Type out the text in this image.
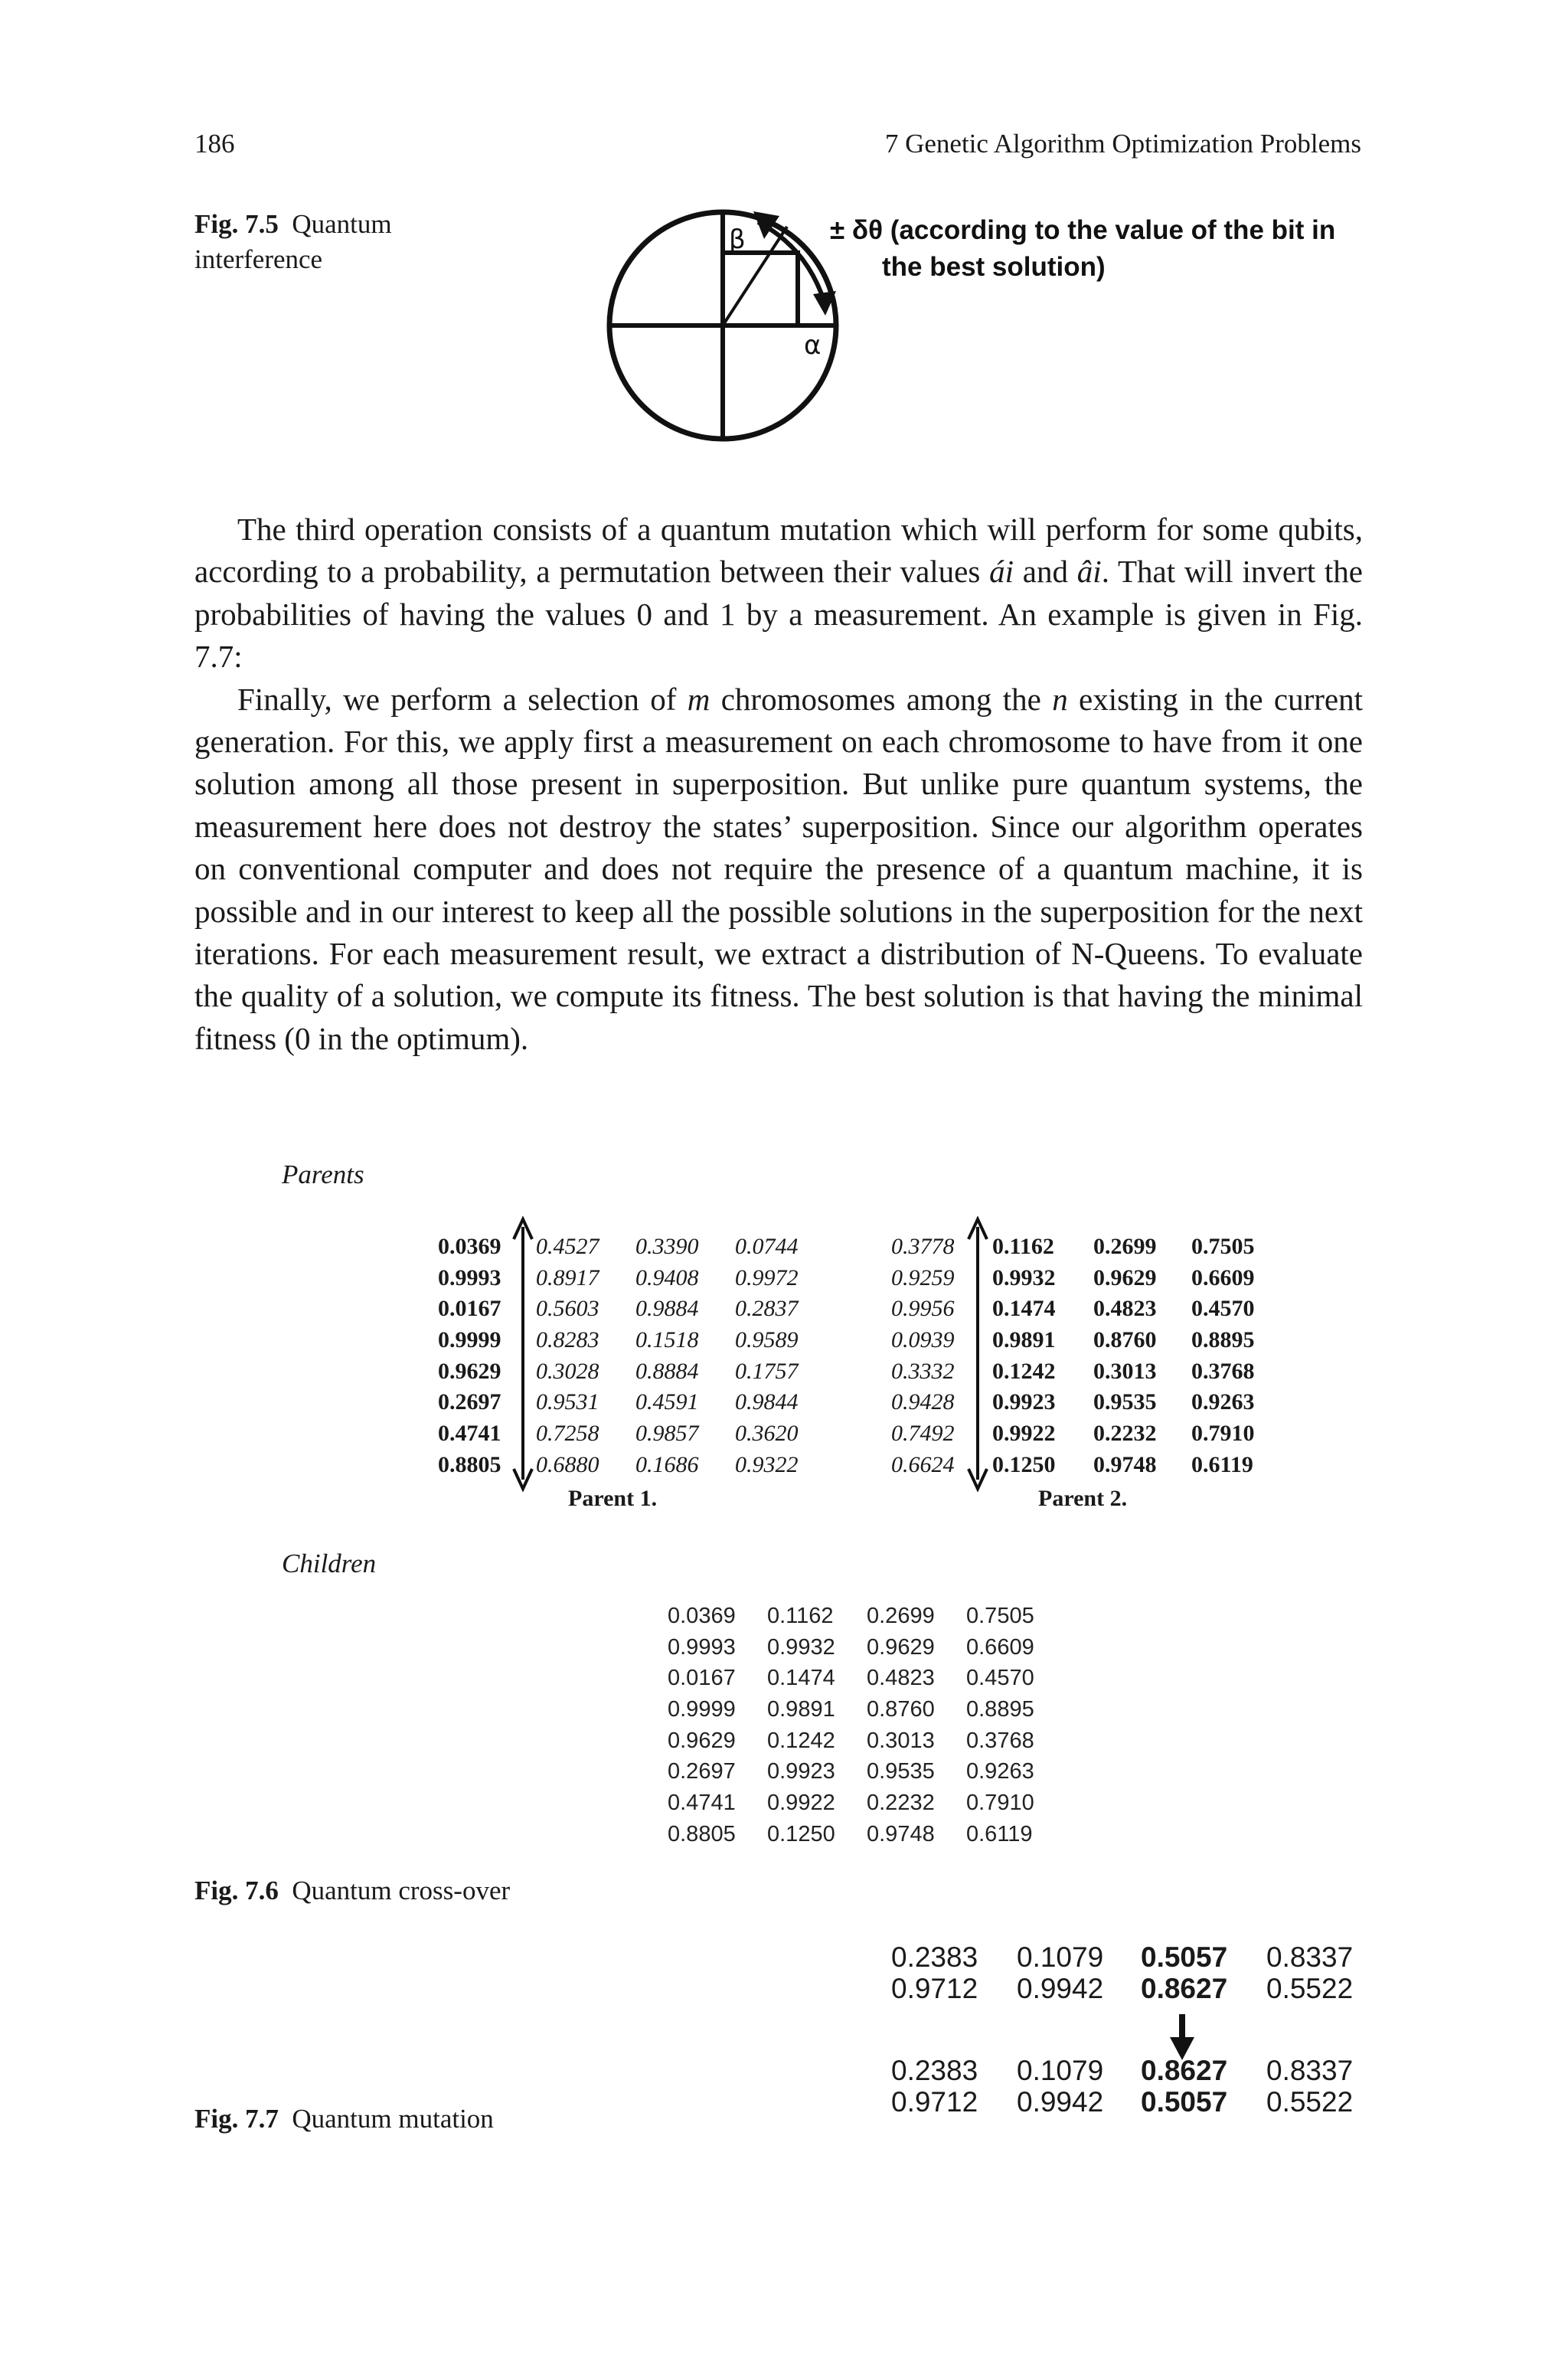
186	7 Genetic Algorithm Optimization Problems
Fig. 7.5 Quantum interference
β
α
± δθ (according to the value of the bit in
the best solution)

The third operation consists of a quantum mutation which will perform for some qubits, according to a probability, a permutation between their values ái and âi. That will invert the probabilities of having the values 0 and 1 by a measurement. An example is given in Fig. 7.7:

Finally, we perform a selection of m chromosomes among the n existing in the current generation. For this, we apply first a measurement on each chromosome to have from it one solution among all those present in superposition. But unlike pure quantum systems, the measurement here does not destroy the states’ superposition. Since our algorithm operates on conventional computer and does not require the presence of a quantum machine, it is possible and in our interest to keep all the possible solutions in the superposition for the next iterations. For each measurement result, we extract a distribution of N-Queens. To evaluate the quality of a solution, we compute its fitness. The best solution is that having the minimal fitness (0 in the optimum).

Parents
0.0369
0.9993
0.0167
0.9999
0.9629
0.2697
0.4741
0.8805
0.4527
0.8917
0.5603
0.8283
0.3028
0.9531
0.7258
0.6880
0.3390
0.9408
0.9884
0.1518
0.8884
0.4591
0.9857
0.1686
0.0744
0.9972
0.2837
0.9589
0.1757
0.9844
0.3620
0.9322
Parent 1.
0.3778
0.9259
0.9956
0.0939
0.3332
0.9428
0.7492
0.6624
0.1162
0.9932
0.1474
0.9891
0.1242
0.9923
0.9922
0.1250
0.2699
0.9629
0.4823
0.8760
0.3013
0.9535
0.2232
0.9748
0.7505
0.6609
0.4570
0.8895
0.3768
0.9263
0.7910
0.6119
Parent 2.
Children
0.0369
0.9993
0.0167
0.9999
0.9629
0.2697
0.4741
0.8805
0.1162
0.9932
0.1474
0.9891
0.1242
0.9923
0.9922
0.1250
0.2699
0.9629
0.4823
0.8760
0.3013
0.9535
0.2232
0.9748
0.7505
0.6609
0.4570
0.8895
0.3768
0.9263
0.7910
0.6119
Fig. 7.6 Quantum cross-over
0.2383
0.9712
0.1079
0.9942
0.5057
0.8627
0.8337
0.5522
0.2383
0.9712
0.1079
0.9942
0.8627
0.5057
0.8337
0.5522
Fig. 7.7 Quantum mutation
